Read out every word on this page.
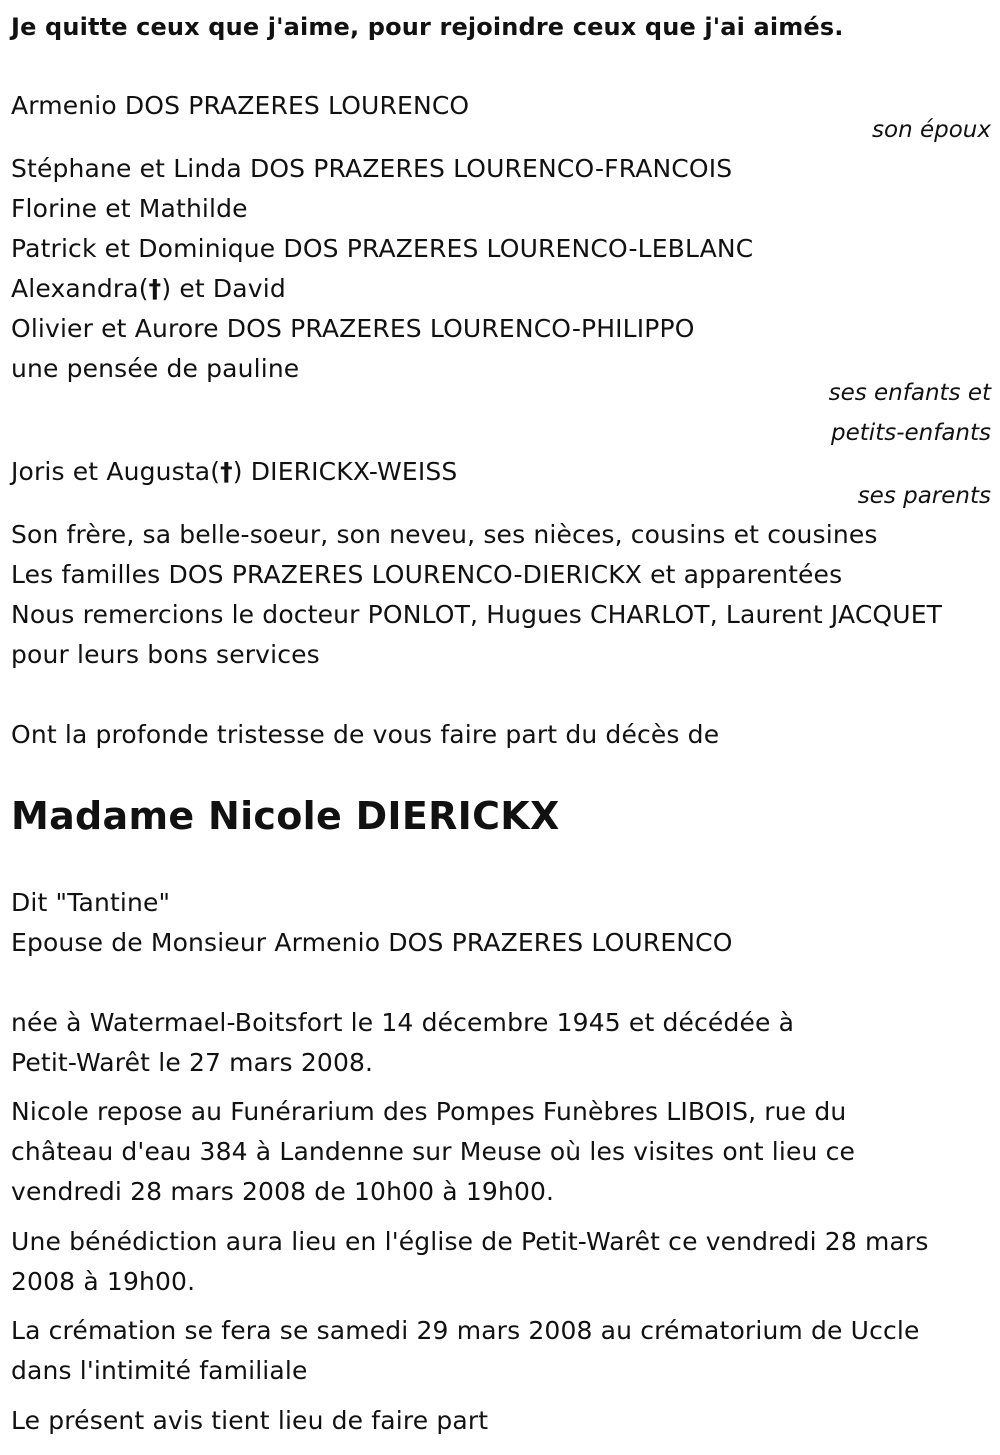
Je quitte ceux que j'aime, pour rejoindre ceux que j'ai aimés.
Armenio DOS PRAZERES LOURENCO
son époux
Stéphane et Linda DOS PRAZERES LOURENCO-FRANCOIS
Florine et Mathilde
Patrick et Dominique DOS PRAZERES LOURENCO-LEBLANC
Alexandra(†) et David
Olivier et Aurore DOS PRAZERES LOURENCO-PHILIPPO
une pensée de pauline
ses enfants et
petits-enfants
Joris et Augusta(†) DIERICKX-WEISS
ses parents
Son frère, sa belle-soeur, son neveu, ses nièces, cousins et cousines
Les familles DOS PRAZERES LOURENCO-DIERICKX et apparentées
Nous remercions le docteur PONLOT, Hugues CHARLOT, Laurent JACQUET
pour leurs bons services
Ont la profonde tristesse de vous faire part du décès de
Madame Nicole DIERICKX
Dit "Tantine"
Epouse de Monsieur Armenio DOS PRAZERES LOURENCO
née à Watermael-Boitsfort le 14 décembre 1945 et décédée à
Petit-Warêt le 27 mars 2008.
Nicole repose au Funérarium des Pompes Funèbres LIBOIS, rue du
château d'eau 384 à Landenne sur Meuse où les visites ont lieu ce
vendredi 28 mars 2008 de 10h00 à 19h00.
Une bénédiction aura lieu en l'église de Petit-Warêt ce vendredi 28 mars
2008 à 19h00.
La crémation se fera se samedi 29 mars 2008 au crématorium de Uccle
dans l'intimité familiale
Le présent avis tient lieu de faire part
